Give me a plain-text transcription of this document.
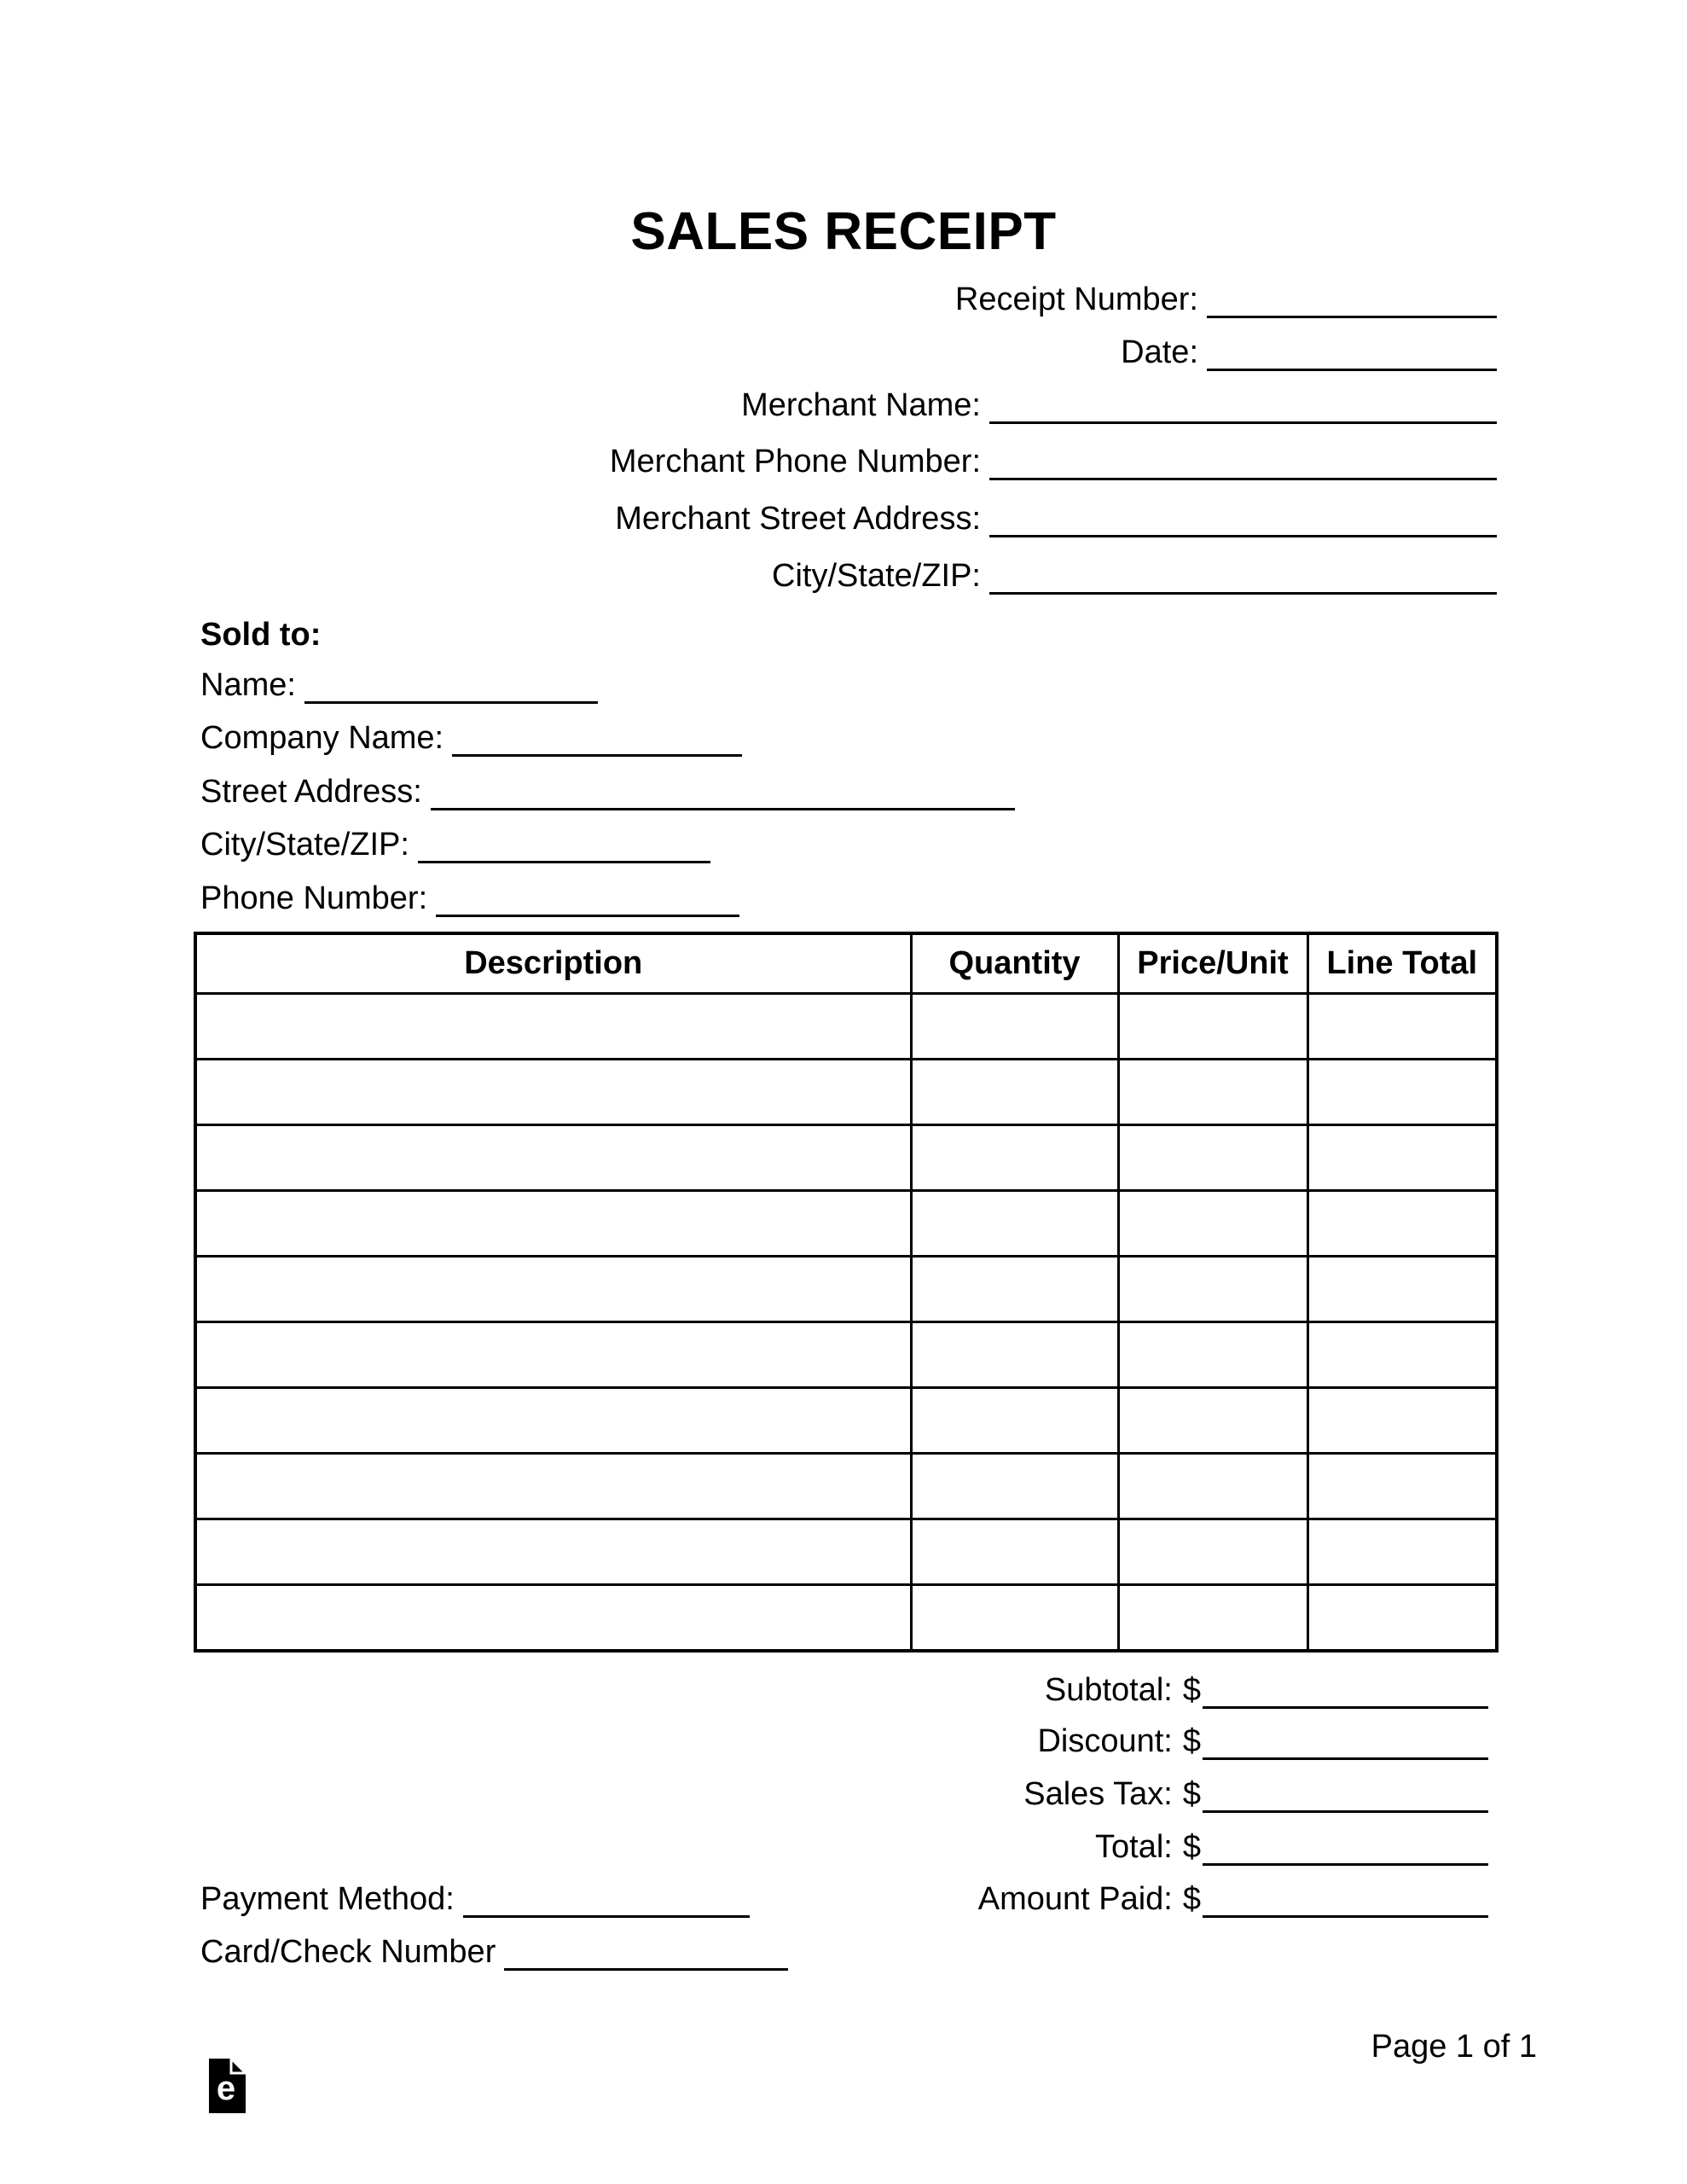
SALES RECEIPT
Receipt Number:
Date:
Merchant Name:
Merchant Phone Number:
Merchant Street Address:
City/State/ZIP:
Sold to:
Name:
Company Name:
Street Address:
City/State/ZIP:
Phone Number:
Description	Quantity	Price/Unit	Line Total

Subtotal: $
Discount: $
Sales Tax: $
Total: $
Amount Paid: $
Payment Method:
Card/Check Number
Page 1 of 1
e
